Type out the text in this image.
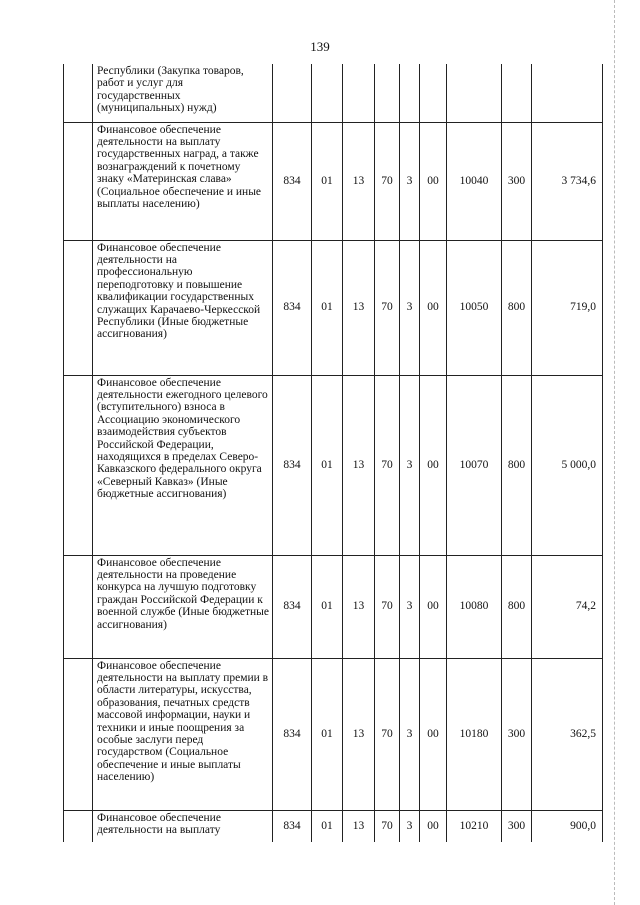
139
	Республики (Закупка товаров, работ и услуг для государственных (муниципальных) нужд)									
	Финансовое обеспечение деятельности на выплату государственных наград, а также вознаграждений к почетному знаку «Материнская слава» (Социальное обеспечение и иные выплаты населению)	834	01	13	70	3	00	10040	300	3 734,6
	Финансовое обеспечение деятельности на профессиональную переподготовку и повышение квалификации государственных служащих Карачаево-Черкесской Республики (Иные бюджетные ассигнования)	834	01	13	70	3	00	10050	800	719,0
	Финансовое обеспечение деятельности ежегодного целевого (вступительного) взноса в Ассоциацию экономического взаимодействия субъектов Российской Федерации, находящихся в пределах Северо-Кавказского федерального округа «Северный Кавказ» (Иные бюджетные ассигнования)	834	01	13	70	3	00	10070	800	5 000,0
	Финансовое обеспечение деятельности на проведение конкурса на лучшую подготовку граждан Российской Федерации к военной службе (Иные бюджетные ассигнования)	834	01	13	70	3	00	10080	800	74,2
	Финансовое обеспечение деятельности на выплату премии в области литературы, искусства, образования, печатных средств массовой информации, науки и техники и иные поощрения за особые заслуги перед государством (Социальное обеспечение и иные выплаты населению)	834	01	13	70	3	00	10180	300	362,5
	Финансовое обеспечение деятельности на выплату	834	01	13	70	3	00	10210	300	900,0
